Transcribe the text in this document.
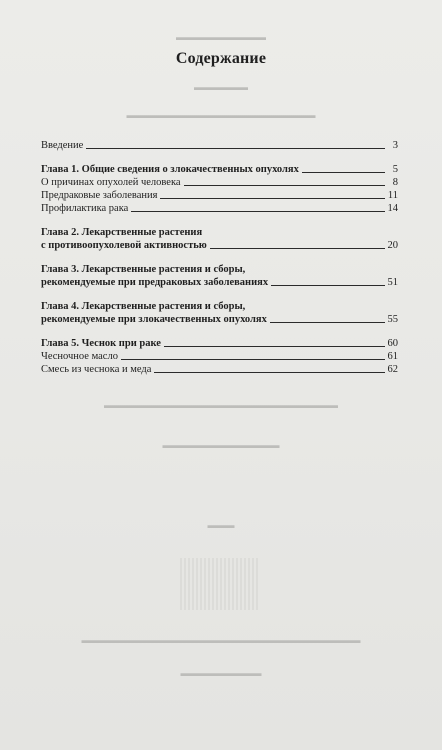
▬▬▬▬▬▬▬▬▬▬
▬▬▬▬▬▬
▬▬▬▬▬▬▬▬▬▬▬▬▬▬▬▬▬▬▬▬▬
▬▬▬▬▬▬▬▬▬▬▬▬▬▬▬▬▬▬▬▬▬▬▬▬▬▬
▬▬▬▬▬▬▬▬▬▬▬▬▬
▬▬▬
▬▬▬▬▬▬▬▬▬▬▬▬▬▬▬▬▬▬▬▬▬▬▬▬▬▬▬▬▬▬▬
▬▬▬▬▬▬▬▬▬
Содержание
Введение	3
Глава 1. Общие сведения о злокачественных опухолях	5
О причинах опухолей человека	8
Предраковые заболевания	11
Профилактика рака	14
Глава 2. Лекарственные растения
с противоопухолевой активностью	20
Глава 3. Лекарственные растения и сборы,
рекомендуемые при предраковых заболеваниях	51
Глава 4. Лекарственные растения и сборы,
рекомендуемые при злокачественных опухолях	55
Глава 5. Чеснок при раке	60
Чесночное масло	61
Смесь из чеснока и меда	62
